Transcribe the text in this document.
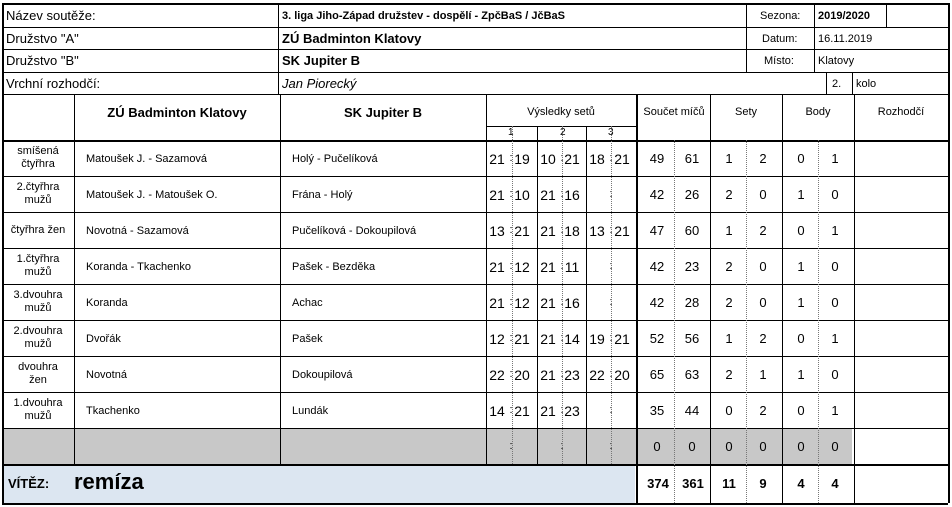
Název soutěže:	3. liga Jiho-Západ družstev - dospělí - ZpčBaS / JčBaS	Sezona: 2019/2020
Družstvo "A"	ZÚ Badminton Klatovy	Datum: 16.11.2019
Družstvo "B"	SK Jupiter B	Místo: Klatovy
Vrchní rozhodčí:	Jan Piorecký	2. kolo
ZÚ Badminton Klatovy	SK Jupiter B	Výsledky setů
1	2	3
Součet míčů	Sety	Body	Rozhodčí
smíšená
čtyřhra	Matoušek J. - Sazamová	Holý - Pučelíková	21 : 19 10 : 21 18 : 21	49	61	1	2	0	1
2.čtyřhra
mužů	Matoušek J. - Matoušek O.	Frána - Holý	21 : 10 21 : 16	:	42	26	2	0	1	0
čtyřhra žen	Novotná - Sazamová	Pučelíková - Dokoupilová	13 : 21 21 : 18 13 : 21	47	60	1	2	0	1
1.čtyřhra
mužů	Koranda - Tkachenko	Pašek - Bezděka	21 : 12 21 : 11	:	42	23	2	0	1	0
3.dvouhra
mužů	Koranda	Achac	21 : 12 21 : 16	:	42	28	2	0	1	0
2.dvouhra
mužů	Dvořák	Pašek	12 : 21 21 : 14 19 : 21	52	56	1	2	0	1
dvouhra
žen	Novotná	Dokoupilová	22 : 20 21 : 23 22 : 20	65	63	2	1	1	0
1.dvouhra
mužů	Tkachenko	Lundák	14 : 21 21 : 23	:	35	44	0	2	0	1
:	:	:	0	0	0	0	0	0
VÍTĚZ: remíza	374	361	11	9	4	4
